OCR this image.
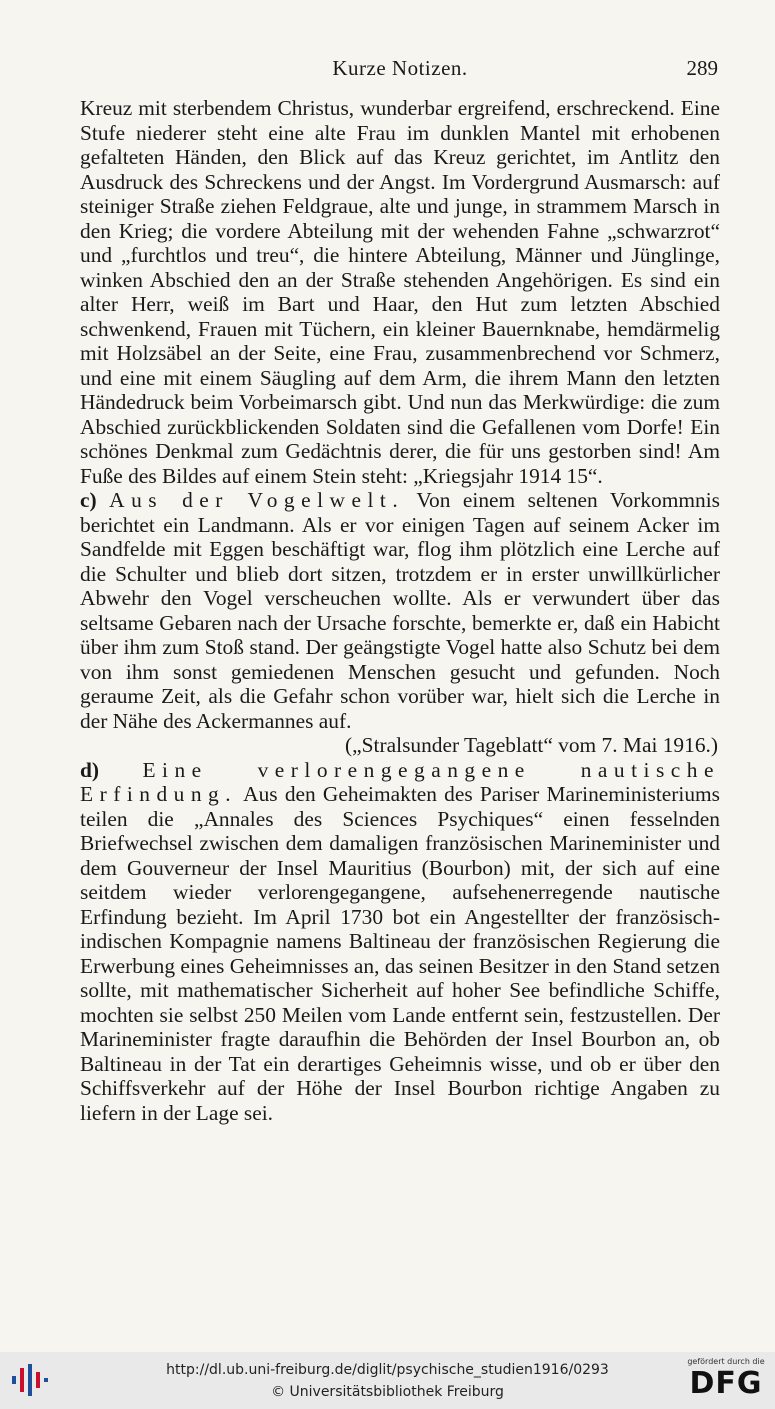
Kurze Notizen.	289

Kreuz mit sterbendem Christus, wunderbar ergreifend, erschreckend. Eine Stufe niederer steht eine alte Frau im dunklen Mantel mit erhobenen gefalteten Händen, den Blick auf das Kreuz gerichtet, im Antlitz den Ausdruck des Schreckens und der Angst. Im Vordergrund Ausmarsch: auf steiniger Straße ziehen Feldgraue, alte und junge, in strammem Marsch in den Krieg; die vordere Abteilung mit der wehenden Fahne „schwarzrot“ und „furchtlos und treu“, die hintere Abteilung, Männer und Jünglinge, winken Abschied den an der Straße stehenden Angehörigen. Es sind ein alter Herr, weiß im Bart und Haar, den Hut zum letzten Abschied schwenkend, Frauen mit Tüchern, ein kleiner Bauernknabe, hemdärmelig mit Holzsäbel an der Seite, eine Frau, zusammenbrechend vor Schmerz, und eine mit einem Säugling auf dem Arm, die ihrem Mann den letzten Händedruck beim Vorbeimarsch gibt. Und nun das Merkwürdige: die zum Abschied zurückblickenden Soldaten sind die Gefallenen vom Dorfe! Ein schönes Denkmal zum Gedächtnis derer, die für uns gestorben sind! Am Fuße des Bildes auf einem Stein steht: „Kriegsjahr 1914 15“.

c) Aus der Vogelwelt. Von einem seltenen Vorkommnis berichtet ein Landmann. Als er vor einigen Tagen auf seinem Acker im Sandfelde mit Eggen beschäftigt war, flog ihm plötzlich eine Lerche auf die Schulter und blieb dort sitzen, trotzdem er in erster unwillkürlicher Abwehr den Vogel verscheuchen wollte. Als er verwundert über das seltsame Gebaren nach der Ursache forschte, bemerkte er, daß ein Habicht über ihm zum Stoß stand. Der geängstigte Vogel hatte also Schutz bei dem von ihm sonst gemiedenen Menschen gesucht und gefunden. Noch geraume Zeit, als die Gefahr schon vorüber war, hielt sich die Lerche in der Nähe des Ackermannes auf.

(„Stralsunder Tageblatt“ vom 7. Mai 1916.)

d) Eine verlorengegangene nautische Erfindung. Aus den Geheimakten des Pariser Marineministeriums teilen die „Annales des Sciences Psychiques“ einen fesselnden Briefwechsel zwischen dem damaligen französischen Marineminister und dem Gouverneur der Insel Mauritius (Bourbon) mit, der sich auf eine seitdem wieder verlorengegangene, aufsehenerregende nautische Erfindung bezieht. Im April 1730 bot ein Angestellter der französisch-indischen Kompagnie namens Baltineau der französischen Regierung die Erwerbung eines Geheimnisses an, das seinen Besitzer in den Stand setzen sollte, mit mathematischer Sicherheit auf hoher See befindliche Schiffe, mochten sie selbst 250 Meilen vom Lande entfernt sein, festzustellen. Der Marineminister fragte daraufhin die Behörden der Insel Bourbon an, ob Baltineau in der Tat ein derartiges Geheimnis wisse, und ob er über den Schiffsverkehr auf der Höhe der Insel Bourbon richtige Angaben zu liefern in der Lage sei.

http://dl.ub.uni-freiburg.de/diglit/psychische_studien1916/0293
© Universitätsbibliothek Freiburg
gefördert durch die
DFG
